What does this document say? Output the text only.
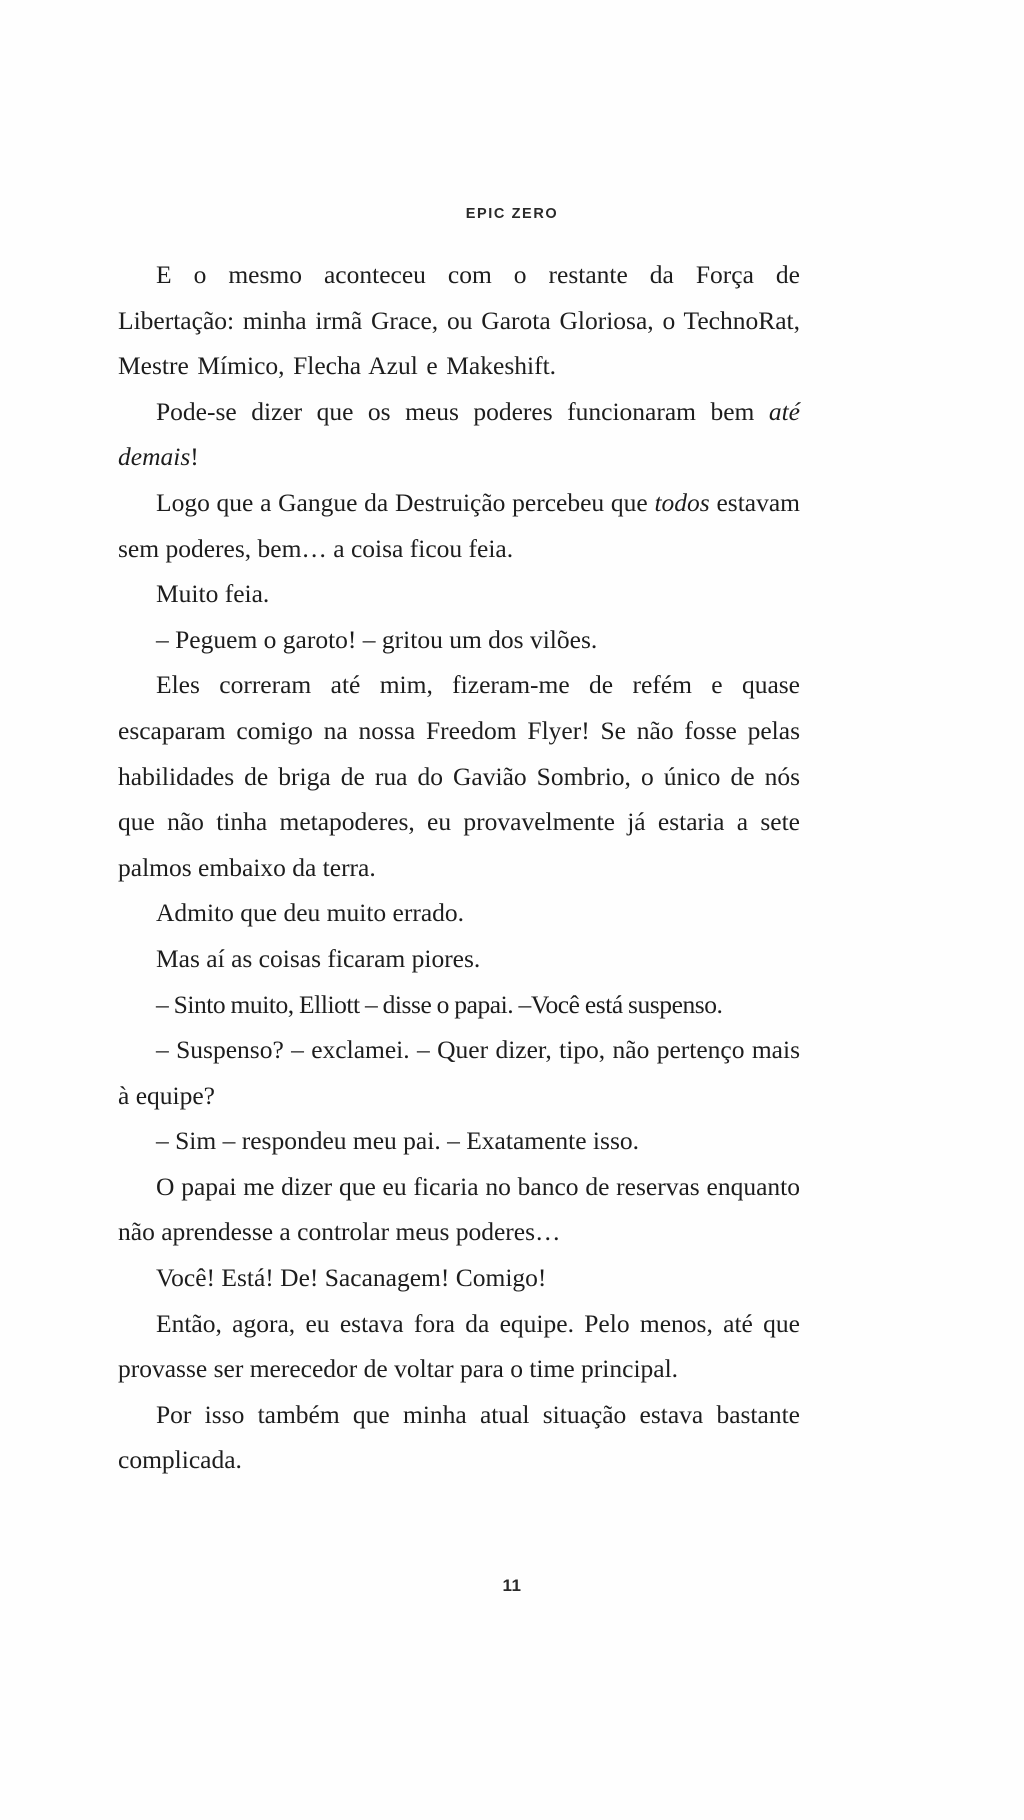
EPIC ZERO

E o mesmo aconteceu com o restante da Força de Libertação: minha irmã Grace, ou Garota Gloriosa, o TechnoRat, Mestre Mímico, Flecha Azul e Makeshift.

Pode-se dizer que os meus poderes funcionaram bem até demais!

Logo que a Gangue da Destruição percebeu que todos estavam sem poderes, bem… a coisa ficou feia.

Muito feia.

– Peguem o garoto! – gritou um dos vilões.

Eles correram até mim, fizeram-me de refém e quase escaparam comigo na nossa Freedom Flyer! Se não fosse pelas habilidades de briga de rua do Gavião Sombrio, o único de nós que não tinha metapoderes, eu provavelmente já estaria a sete palmos embaixo da terra.

Admito que deu muito errado.

Mas aí as coisas ficaram piores.

– Sinto muito, Elliott – disse o papai. –Você está suspenso.

– Suspenso? – exclamei. – Quer dizer, tipo, não pertenço mais à equipe?

– Sim – respondeu meu pai. – Exatamente isso.

O papai me dizer que eu ficaria no banco de reservas enquanto não aprendesse a controlar meus poderes…

Você! Está! De! Sacanagem! Comigo!

Então, agora, eu estava fora da equipe. Pelo menos, até que provasse ser merecedor de voltar para o time principal.

Por isso também que minha atual situação estava bastante complicada.

11
